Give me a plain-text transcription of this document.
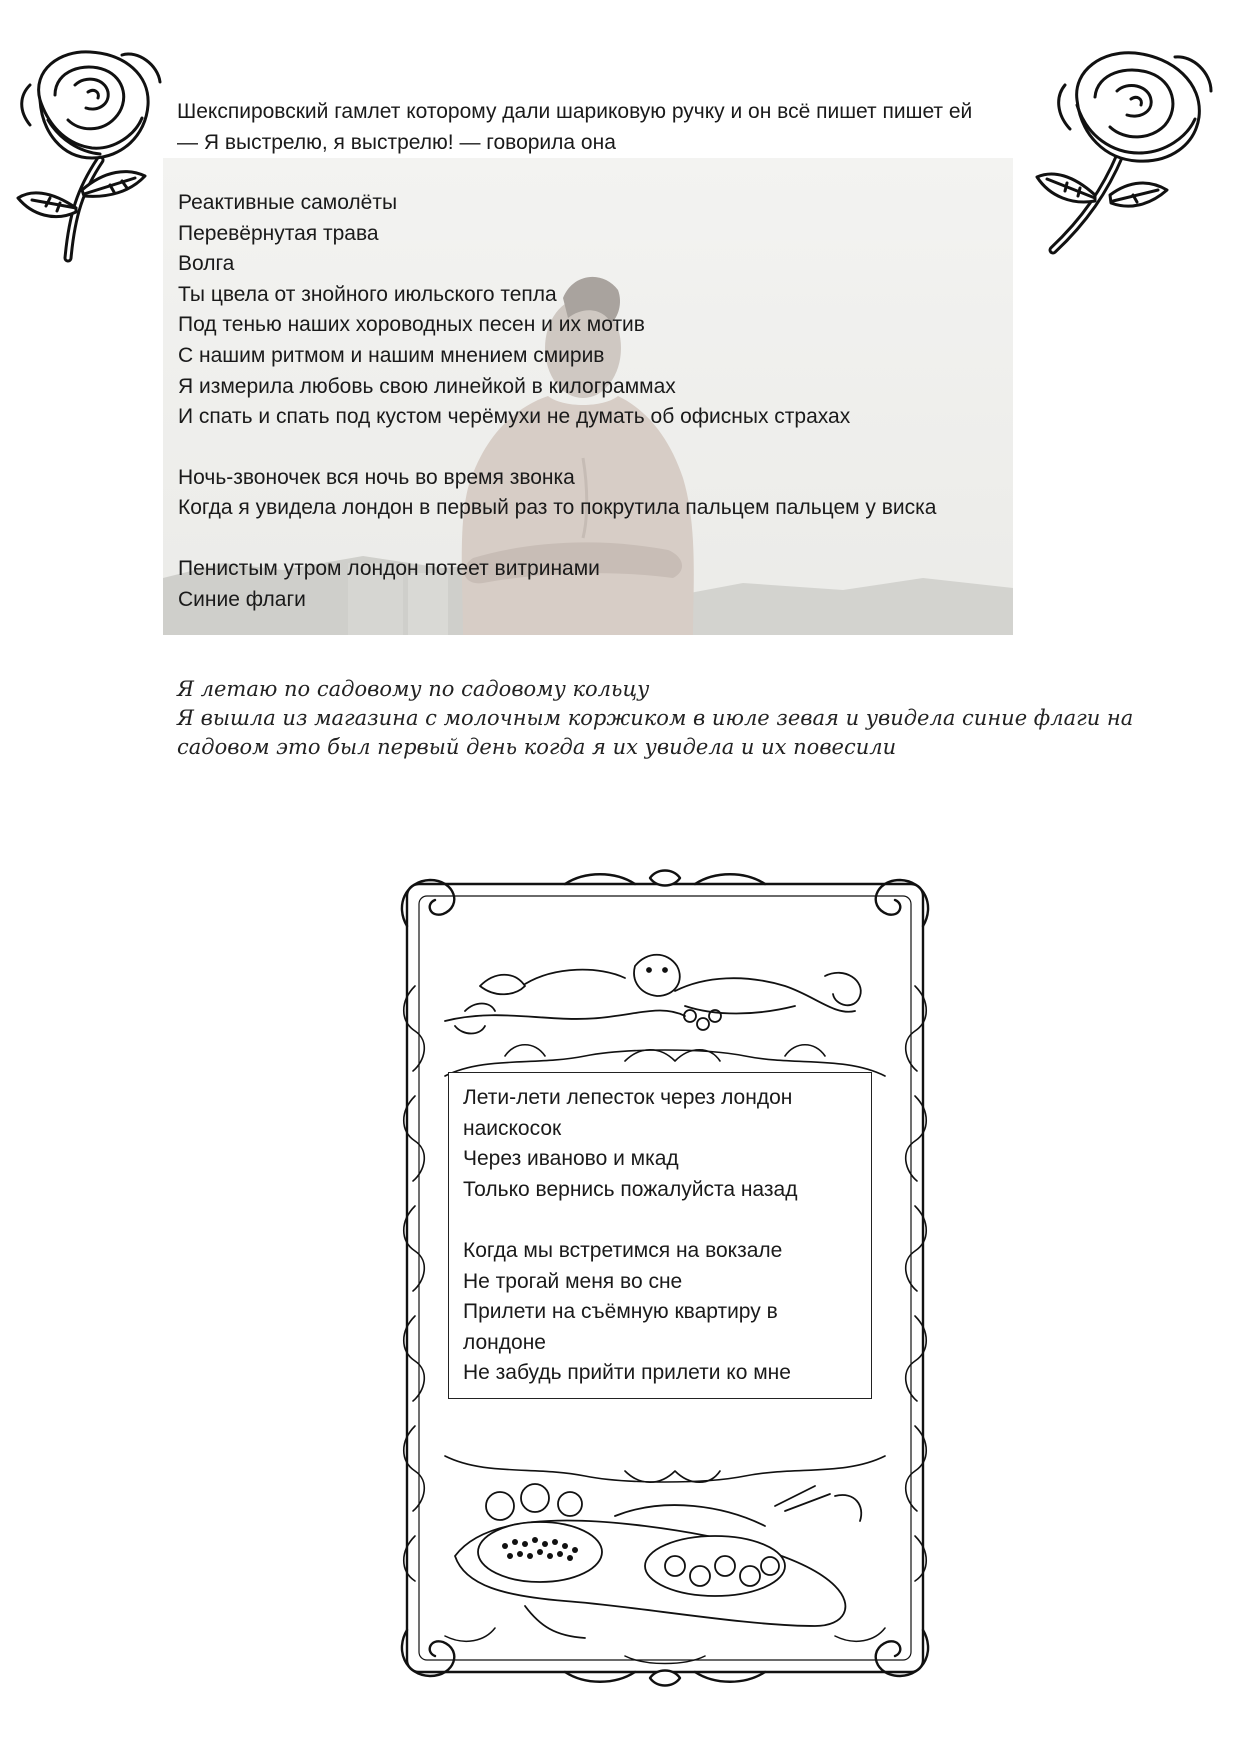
Шекспировский гамлет которому дали шариковую ручку и он всё пишет пишет ей
— Я выстрелю, я выстрелю! — говорила она
Реактивные самолёты
Перевёрнутая трава
Волга
Ты цвела от знойного июльского тепла
Под тенью наших хороводных песен и их мотив
С нашим ритмом и нашим мнением смирив
Я измерила любовь свою линейкой в килограммах
И спать и спать под кустом черёмухи не думать об офисных страхах
Ночь-звоночек вся ночь во время звонка
Когда я увидела лондон в первый раз то покрутила пальцем пальцем у виска
Пенистым утром лондон потеет витринами
Синие флаги
Я летаю по садовому по садовому кольцу
Я вышла из магазина с молочным коржиком в июле зевая и увидела синие флаги на садовом это был первый день когда я их увидела и их повесили
Лети-лети лепесток через лондон
наискосок
Через иваново и мкад
Только вернись пожалуйста назад
Когда мы встретимся на вокзале
Не трогай меня во сне
Прилети на съёмную квартиру в
лондоне
Не забудь прийти прилети ко мне
